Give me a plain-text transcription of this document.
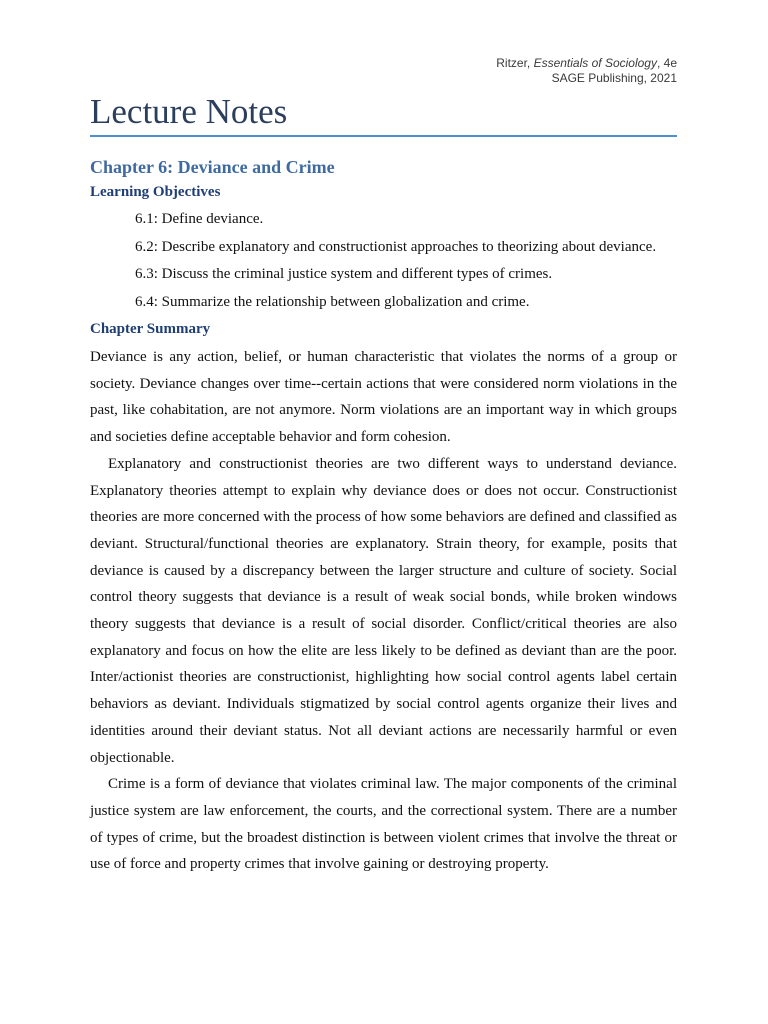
Ritzer, Essentials of Sociology, 4e
SAGE Publishing, 2021
Lecture Notes
Chapter 6: Deviance and Crime
Learning Objectives
6.1: Define deviance.
6.2: Describe explanatory and constructionist approaches to theorizing about deviance.
6.3: Discuss the criminal justice system and different types of crimes.
6.4: Summarize the relationship between globalization and crime.
Chapter Summary

Deviance is any action, belief, or human characteristic that violates the norms of a group or society. Deviance changes over time--certain actions that were considered norm violations in the past, like cohabitation, are not anymore. Norm violations are an important way in which groups and societies define acceptable behavior and form cohesion.

Explanatory and constructionist theories are two different ways to understand deviance. Explanatory theories attempt to explain why deviance does or does not occur. Constructionist theories are more concerned with the process of how some behaviors are defined and classified as deviant. Structural/functional theories are explanatory. Strain theory, for example, posits that deviance is caused by a discrepancy between the larger structure and culture of society. Social control theory suggests that deviance is a result of weak social bonds, while broken windows theory suggests that deviance is a result of social disorder. Conflict/critical theories are also explanatory and focus on how the elite are less likely to be defined as deviant than are the poor. Inter/actionist theories are constructionist, highlighting how social control agents label certain behaviors as deviant. Individuals stigmatized by social control agents organize their lives and identities around their deviant status. Not all deviant actions are necessarily harmful or even objectionable.

Crime is a form of deviance that violates criminal law. The major components of the criminal justice system are law enforcement, the courts, and the correctional system. There are a number of types of crime, but the broadest distinction is between violent crimes that involve the threat or use of force and property crimes that involve gaining or destroying property.
